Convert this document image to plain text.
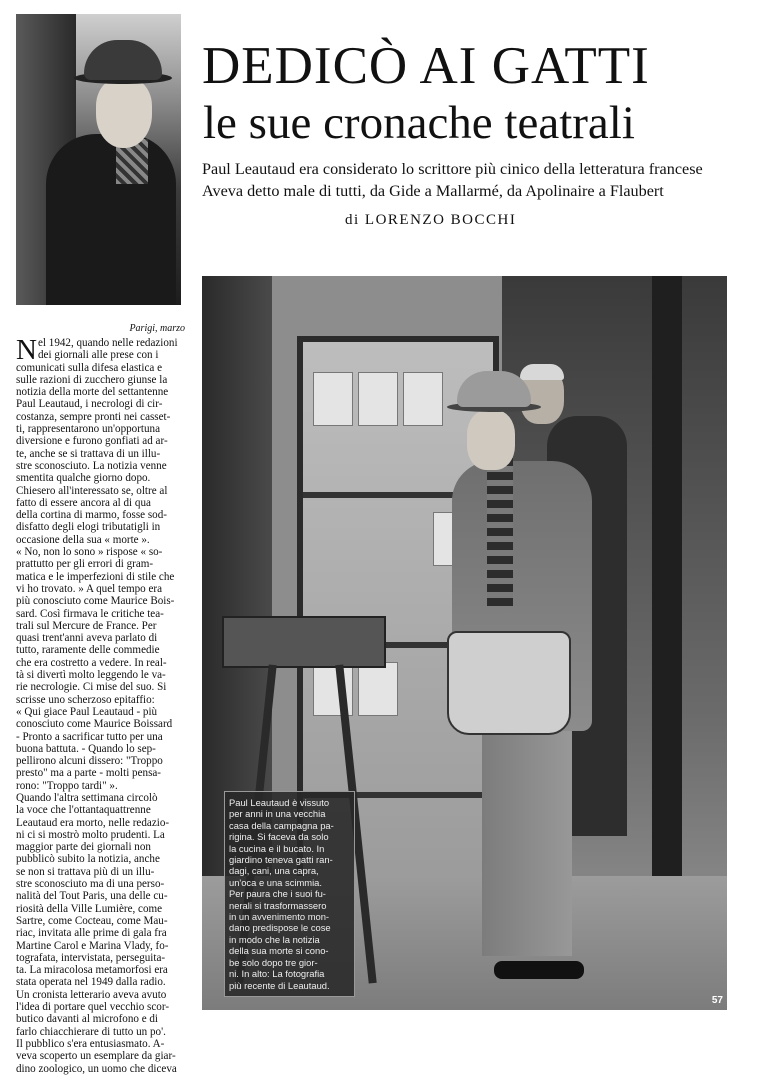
DEDICÒ AI GATTI
le sue cronache teatrali
Paul Leautaud era considerato lo scrittore più cinico della letteratura francese
Aveva detto male di tutti, da Gide a Mallarmé, da Apolinaire a Flaubert
di LORENZO BOCCHI
Paul Leautaud è vissuto
per anni in una vecchia
casa della campagna pa-
rigina. Si faceva da solo
la cucina e il bucato. In
giardino teneva gatti ran-
dagi, cani, una capra,
un'oca e una scimmia.
Per paura che i suoi fu-
nerali si trasformassero
in un avvenimento mon-
dano predispose le cose
in modo che la notizia
della sua morte si cono-
be solo dopo tre gior-
ni. In alto: La fotografia
più recente di Leautaud.
57
Parigi, marzo
N el 1942, quando nelle redazioni
dei giornali alle prese con i
comunicati sulla difesa elastica e
sulle razioni di zucchero giunse la
notizia della morte del settantenne
Paul Leautaud, i necrologi di cir-
costanza, sempre pronti nei casset-
ti, rappresentarono un'opportuna
diversione e furono gonfiati ad ar-
te, anche se si trattava di un illu-
stre sconosciuto. La notizia venne
smentita qualche giorno dopo.
Chiesero all'interessato se, oltre al
fatto di essere ancora al di qua
della cortina di marmo, fosse sod-
disfatto degli elogi tributatigli in
occasione della sua « morte ».
« No, non lo sono » rispose « so-
prattutto per gli errori di gram-
matica e le imperfezioni di stile che
vi ho trovato. » A quel tempo era
più conosciuto come Maurice Bois-
sard. Così firmava le critiche tea-
trali sul Mercure de France. Per
quasi trent'anni aveva parlato di
tutto, raramente delle commedie
che era costretto a vedere. In real-
tà si divertì molto leggendo le va-
rie necrologie. Ci mise del suo. Si
scrisse uno scherzoso epitaffio:
« Qui giace Paul Leautaud - più
conosciuto come Maurice Boissard
- Pronto a sacrificar tutto per una
buona battuta. - Quando lo sep-
pellirono alcuni dissero: "Troppo
presto" ma a parte - molti pensa-
rono: "Troppo tardi" ».
Quando l'altra settimana circolò
la voce che l'ottantaquattrenne
Leautaud era morto, nelle redazio-
ni ci si mostrò molto prudenti. La
maggior parte dei giornali non
pubblicò subito la notizia, anche
se non si trattava più di un illu-
stre sconosciuto ma di una perso-
nalità del Tout Paris, una delle cu-
riosità della Ville Lumière, come
Sartre, come Cocteau, come Mau-
riac, invitata alle prime di gala fra
Martine Carol e Marina Vlady, fo-
tografata, intervistata, perseguita-
ta. La miracolosa metamorfosi era
stata operata nel 1949 dalla radio.
Un cronista letterario aveva avuto
l'idea di portare quel vecchio scor-
butico davanti al microfono e di
farlo chiacchierare di tutto un po'.
Il pubblico s'era entusiasmato. A-
veva scoperto un esemplare da giar-
dino zoologico, un uomo che diceva
